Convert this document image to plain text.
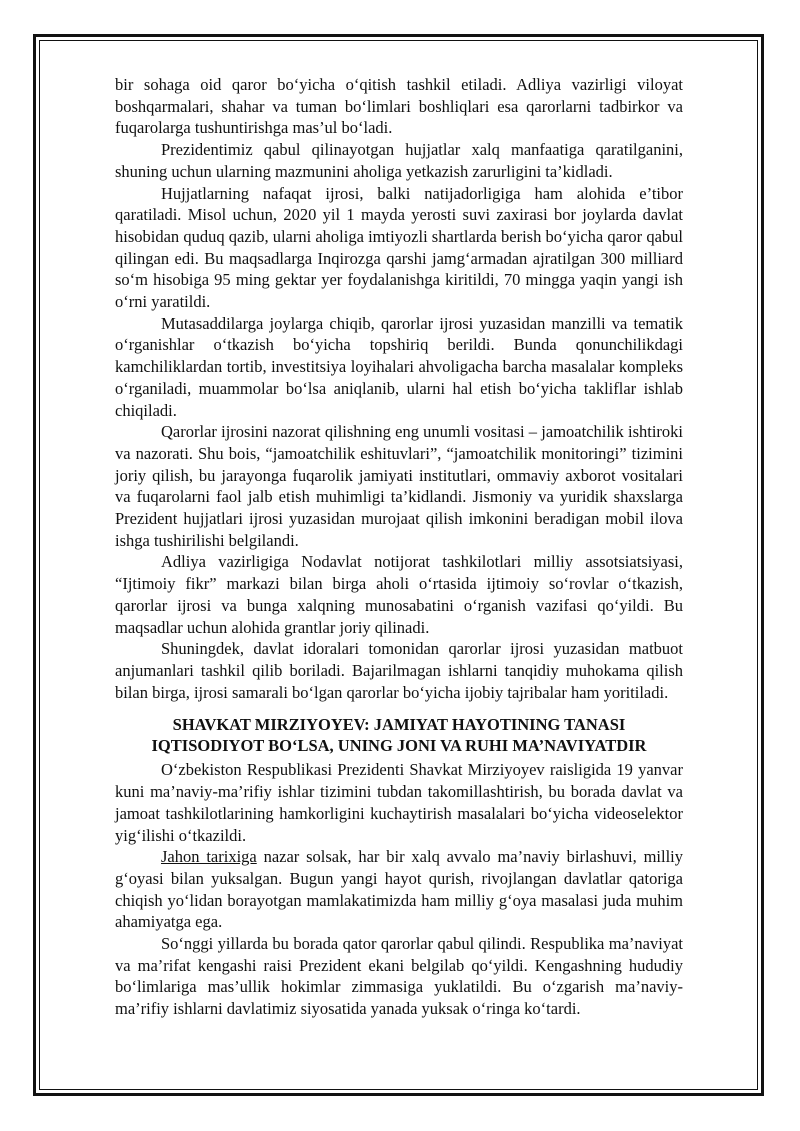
bir sohaga oid qaror boʻyicha oʻqitish tashkil etiladi. Adliya vazirligi viloyat boshqarmalari, shahar va tuman boʻlimlari boshliqlari esa qarorlarni tadbirkor va fuqarolarga tushuntirishga mas’ul boʻladi.

Prezidentimiz qabul qilinayotgan hujjatlar xalq manfaatiga qaratilganini, shuning uchun ularning mazmunini aholiga yetkazish zarurligini ta’kidladi.

Hujjatlarning nafaqat ijrosi, balki natijadorligiga ham alohida e’tibor qaratiladi. Misol uchun, 2020 yil 1 mayda yerosti suvi zaxirasi bor joylarda davlat hisobidan quduq qazib, ularni aholiga imtiyozli shartlarda berish boʻyicha qaror qabul qilingan edi. Bu maqsadlarga Inqirozga qarshi jamgʻarmadan ajratilgan 300 milliard soʻm hisobiga 95 ming gektar yer foydalanishga kiritildi, 70 mingga yaqin yangi ish oʻrni yaratildi.

Mutasaddilarga joylarga chiqib, qarorlar ijrosi yuzasidan manzilli va tematik oʻrganishlar oʻtkazish boʻyicha topshiriq berildi. Bunda qonunchilikdagi kamchiliklardan tortib, investitsiya loyihalari ahvoligacha barcha masalalar kompleks oʻrganiladi, muammolar boʻlsa aniqlanib, ularni hal etish boʻyicha takliflar ishlab chiqiladi.

Qarorlar ijrosini nazorat qilishning eng unumli vositasi – jamoatchilik ishtiroki va nazorati. Shu bois, “jamoatchilik eshituvlari”, “jamoatchilik monitoringi” tizimini joriy qilish, bu jarayonga fuqarolik jamiyati institutlari, ommaviy axborot vositalari va fuqarolarni faol jalb etish muhimligi ta’kidlandi. Jismoniy va yuridik shaxslarga Prezident hujjatlari ijrosi yuzasidan murojaat qilish imkonini beradigan mobil ilova ishga tushirilishi belgilandi.

Adliya vazirligiga Nodavlat notijorat tashkilotlari milliy assotsiatsiyasi, “Ijtimoiy fikr” markazi bilan birga aholi oʻrtasida ijtimoiy soʻrovlar oʻtkazish, qarorlar ijrosi va bunga xalqning munosabatini oʻrganish vazifasi qoʻyildi. Bu maqsadlar uchun alohida grantlar joriy qilinadi.

Shuningdek, davlat idoralari tomonidan qarorlar ijrosi yuzasidan matbuot anjumanlari tashkil qilib boriladi. Bajarilmagan ishlarni tanqidiy muhokama qilish bilan birga, ijrosi samarali boʻlgan qarorlar boʻyicha ijobiy tajribalar ham yoritiladi.

SHAVKAT MIRZIYOYEV: JAMIYAT HAYOTINING TANASI
IQTISODIYOT BOʻLSA, UNING JONI VA RUHI MA’NAVIYATDIR

Oʻzbekiston Respublikasi Prezidenti Shavkat Mirziyoyev raisligida 19 yanvar kuni ma’naviy-ma’rifiy ishlar tizimini tubdan takomillashtirish, bu borada davlat va jamoat tashkilotlarining hamkorligini kuchaytirish masalalari boʻyicha videoselektor yigʻilishi oʻtkazildi.

Jahon tarixiga nazar solsak, har bir xalq avvalo ma’naviy birlashuvi, milliy gʻoyasi bilan yuksalgan. Bugun yangi hayot qurish, rivojlangan davlatlar qatoriga chiqish yoʻlidan borayotgan mamlakatimizda ham milliy gʻoya masalasi juda muhim ahamiyatga ega.

Soʻnggi yillarda bu borada qator qarorlar qabul qilindi. Respublika ma’naviyat va ma’rifat kengashi raisi Prezident ekani belgilab qoʻyildi. Kengashning hududiy boʻlimlariga mas’ullik hokimlar zimmasiga yuklatildi. Bu oʻzgarish ma’naviy-ma’rifiy ishlarni davlatimiz siyosatida yanada yuksak oʻringa koʻtardi.
